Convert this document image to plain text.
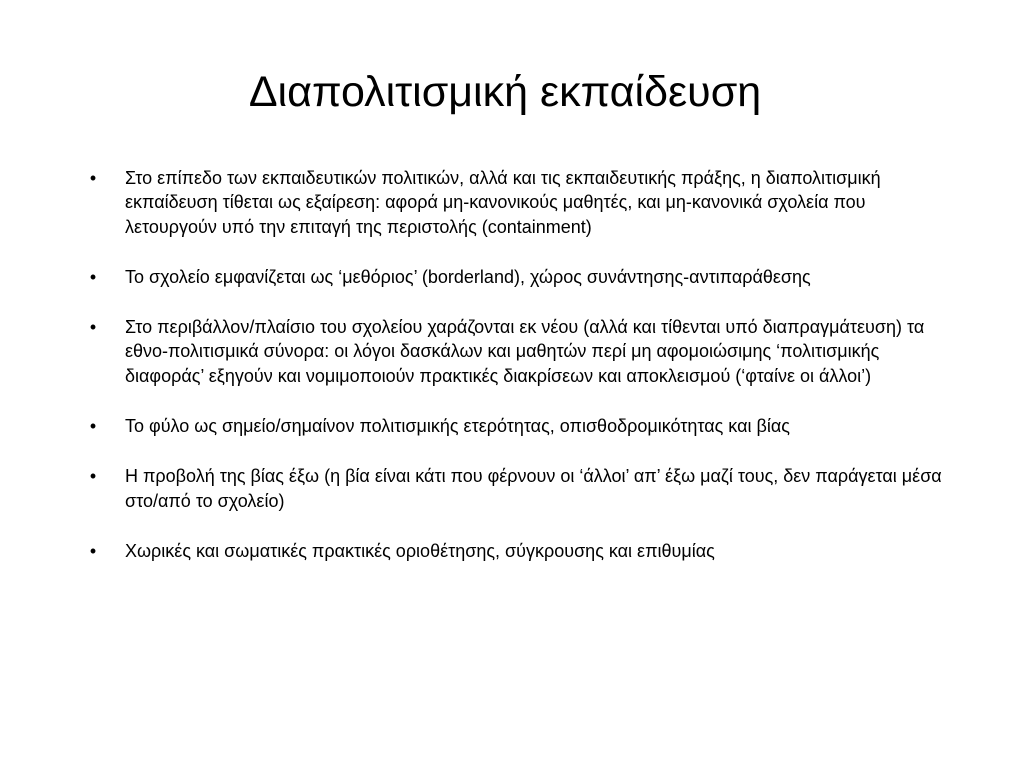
Διαπολιτισμική εκπαίδευση
• Στο επίπεδο των εκπαιδευτικών πολιτικών, αλλά και τις εκπαιδευτικής πράξης, η διαπολιτισμική εκπαίδευση τίθεται ως εξαίρεση: αφορά μη-κανονικούς μαθητές, και μη-κανονικά σχολεία που λετουργούν υπό την επιταγή της περιστολής (containment)
• Το σχολείο εμφανίζεται ως ‘μεθόριος’ (borderland), χώρος συνάντησης-αντιπαράθεσης
• Στο περιβάλλον/πλαίσιο του σχολείου χαράζονται εκ νέου (αλλά και τίθενται υπό διαπραγμάτευση) τα εθνο-πολιτισμικά σύνορα: οι λόγοι δασκάλων και μαθητών περί μη αφομοιώσιμης ‘πολιτισμικής διαφοράς’ εξηγούν και νομιμοποιούν πρακτικές διακρίσεων και αποκλεισμού (‘φταίνε οι άλλοι’)
• Το φύλο ως σημείο/σημαίνον πολιτισμικής ετερότητας, οπισθοδρομικότητας και βίας
• Η προβολή της βίας έξω (η βία είναι κάτι που φέρνουν οι ‘άλλοι’ απ’ έξω μαζί τους, δεν παράγεται μέσα στο/από το σχολείο)
• Χωρικές και σωματικές πρακτικές οριοθέτησης, σύγκρουσης και επιθυμίας
